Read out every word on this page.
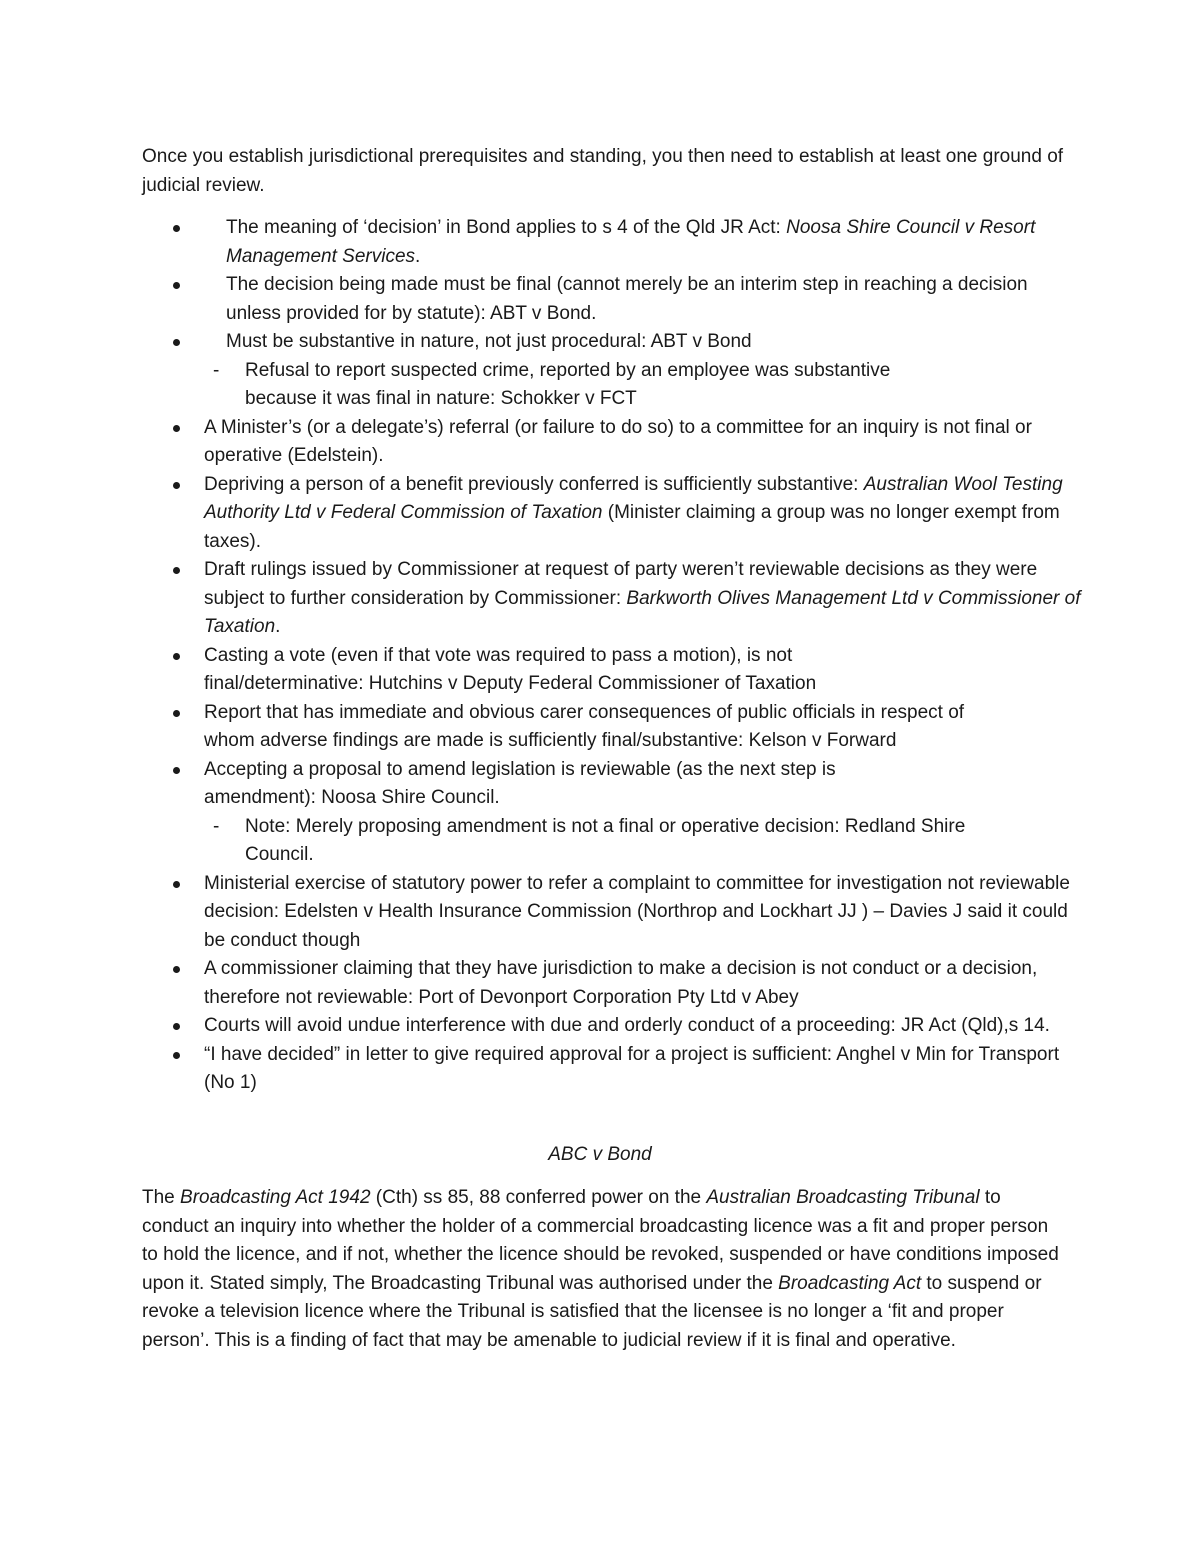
Once you establish jurisdictional prerequisites and standing, you then need to establish at least one ground of judicial review.

The meaning of ‘decision’ in Bond applies to s 4 of the Qld JR Act: Noosa Shire Council v Resort Management Services.
The decision being made must be final (cannot merely be an interim step in reaching a decision unless provided for by statute): ABT v Bond.
Must be substantive in nature, not just procedural: ABT v Bond
- Refusal to report suspected crime, reported by an employee was substantive because it was final in nature: Schokker v FCT
A Minister’s (or a delegate’s) referral (or failure to do so) to a committee for an inquiry is not final or operative (Edelstein).
Depriving a person of a benefit previously conferred is sufficiently substantive: Australian Wool Testing Authority Ltd v Federal Commission of Taxation (Minister claiming a group was no longer exempt from taxes).
Draft rulings issued by Commissioner at request of party weren’t reviewable decisions as they were subject to further consideration by Commissioner: Barkworth Olives Management Ltd v Commissioner of Taxation.
Casting a vote (even if that vote was required to pass a motion), is not final/determinative: Hutchins v Deputy Federal Commissioner of Taxation
Report that has immediate and obvious carer consequences of public officials in respect of whom adverse findings are made is sufficiently final/substantive: Kelson v Forward
Accepting a proposal to amend legislation is reviewable (as the next step is amendment): Noosa Shire Council.
- Note: Merely proposing amendment is not a final or operative decision: Redland Shire Council.
Ministerial exercise of statutory power to refer a complaint to committee for investigation not reviewable decision: Edelsten v Health Insurance Commission (Northrop and Lockhart JJ ) – Davies J said it could be conduct though
A commissioner claiming that they have jurisdiction to make a decision is not conduct or a decision, therefore not reviewable: Port of Devonport Corporation Pty Ltd v Abey
Courts will avoid undue interference with due and orderly conduct of a proceeding: JR Act (Qld),s 14.
“I have decided” in letter to give required approval for a project is sufficient: Anghel v Min for Transport (No 1)

ABC v Bond

The Broadcasting Act 1942 (Cth) ss 85, 88 conferred power on the Australian Broadcasting Tribunal to conduct an inquiry into whether the holder of a commercial broadcasting licence was a fit and proper person to hold the licence, and if not, whether the licence should be revoked, suspended or have conditions imposed upon it. Stated simply, The Broadcasting Tribunal was authorised under the Broadcasting Act to suspend or revoke a television licence where the Tribunal is satisfied that the licensee is no longer a ‘fit and proper person’. This is a finding of fact that may be amenable to judicial review if it is final and operative.
